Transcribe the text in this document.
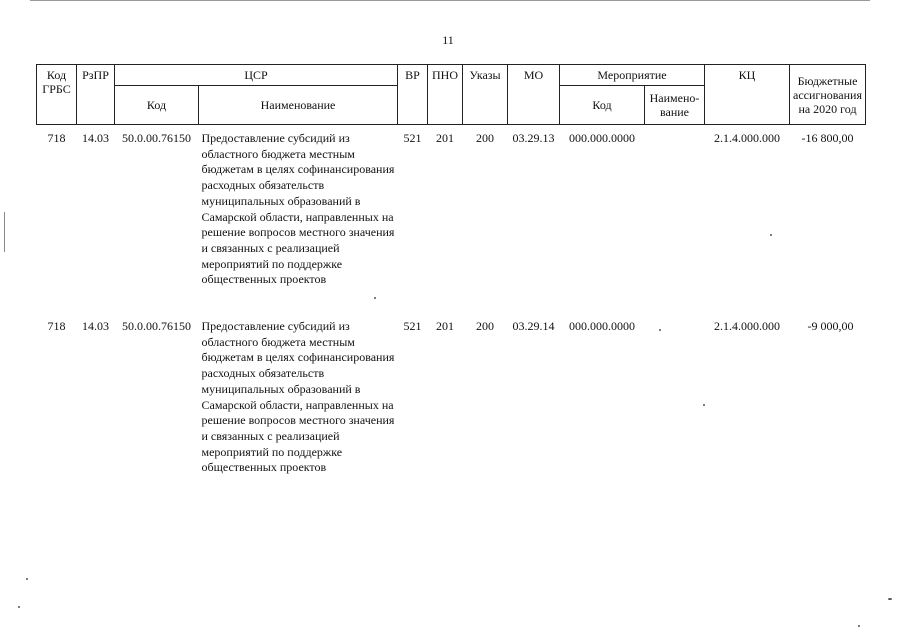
11
Код ГРБС	РзПР	ЦСР		ВР	ПНО	Указы	МО	Мероприятие		КЦ	Бюджетные ассигнования на 2020 год
		Код	Наименование					Код	Наимено-вание		
718	14.03	50.0.00.76150	Предоставление субсидий из областного бюджета местным бюджетам в целях софинансирования расходных обязательств муниципальных образований в Самарской области, направленных на решение вопросов местного значения и связанных с реализацией мероприятий по поддержке общественных проектов	521	201	200	03.29.13	000.000.0000		2.1.4.000.000	-16 800,00
718	14.03	50.0.00.76150	Предоставление субсидий из областного бюджета местным бюджетам в целях софинансирования расходных обязательств муниципальных образований в Самарской области, направленных на решение вопросов местного значения и связанных с реализацией мероприятий по поддержке общественных проектов	521	201	200	03.29.14	000.000.0000		2.1.4.000.000	-9 000,00
